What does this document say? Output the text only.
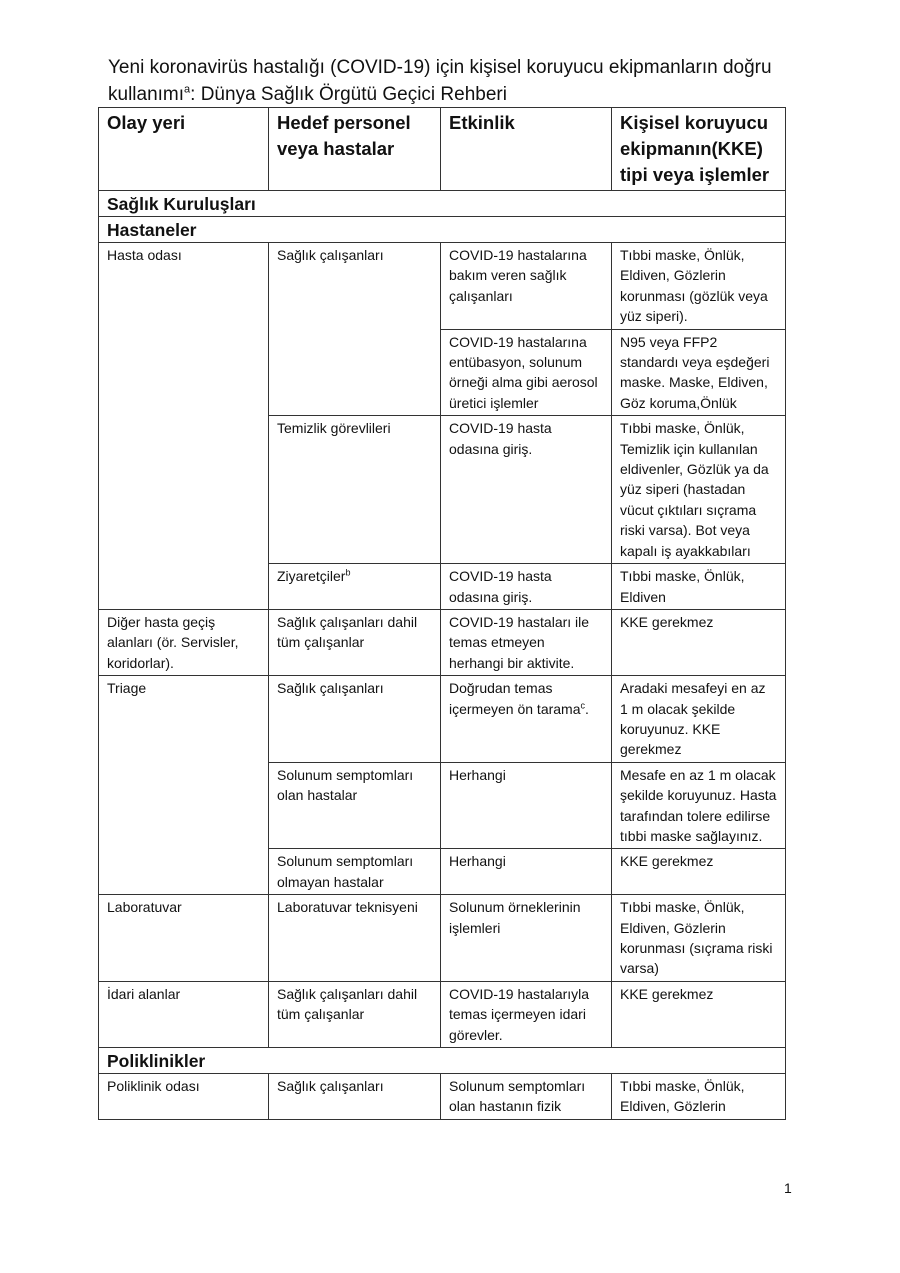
Yeni koronavirüs hastalığı (COVID-19) için kişisel koruyucu ekipmanların doğru kullanımı$^a$: Dünya Sağlık Örgütü Geçici Rehberi
Olay yeri	Hedef personel veya hastalar	Etkinlik	Kişisel koruyucu ekipmanın(KKE) tipi veya işlemler
Sağlık Kuruluşları			
Hastaneler			
Hasta odası	Sağlık çalışanları	COVID-19 hastalarına bakım veren sağlık çalışanları	Tıbbi maske, Önlük, Eldiven, Gözlerin korunması (gözlük veya yüz siperi).
		COVID-19 hastalarına entübasyon, solunum örneği alma gibi aerosol üretici işlemler	N95 veya FFP2 standardı veya eşdeğeri maske. Maske, Eldiven, Göz koruma,Önlük
	Temizlik görevlileri	COVID-19 hasta odasına giriş.	Tıbbi maske, Önlük, Temizlik için kullanılan eldivenler, Gözlük ya da yüz siperi (hastadan vücut çıktıları sıçrama riski varsa). Bot veya kapalı iş ayakkabıları
	Ziyaretçiler$^b$	COVID-19 hasta odasına giriş.	Tıbbi maske, Önlük, Eldiven
Diğer hasta geçiş alanları (ör. Servisler, koridorlar).	Sağlık çalışanları dahil tüm çalışanlar	COVID-19 hastaları ile temas etmeyen herhangi bir aktivite.	KKE gerekmez
Triage	Sağlık çalışanları	Doğrudan temas içermeyen ön tarama$^c$.	Aradaki mesafeyi en az 1 m olacak şekilde koruyunuz. KKE gerekmez
	Solunum semptomları olan hastalar	Herhangi	Mesafe en az 1 m olacak şekilde koruyunuz. Hasta tarafından tolere edilirse tıbbi maske sağlayınız.
	Solunum semptomları olmayan hastalar	Herhangi	KKE gerekmez
Laboratuvar	Laboratuvar teknisyeni	Solunum örneklerinin işlemleri	Tıbbi maske, Önlük, Eldiven, Gözlerin korunması (sıçrama riski varsa)
İdari alanlar	Sağlık çalışanları dahil tüm çalışanlar	COVID-19 hastalarıyla temas içermeyen idari görevler.	KKE gerekmez
Poliklinikler			
Poliklinik odası	Sağlık çalışanları	Solunum semptomları olan hastanın fizik	Tıbbi maske, Önlük, Eldiven, Gözlerin
1
